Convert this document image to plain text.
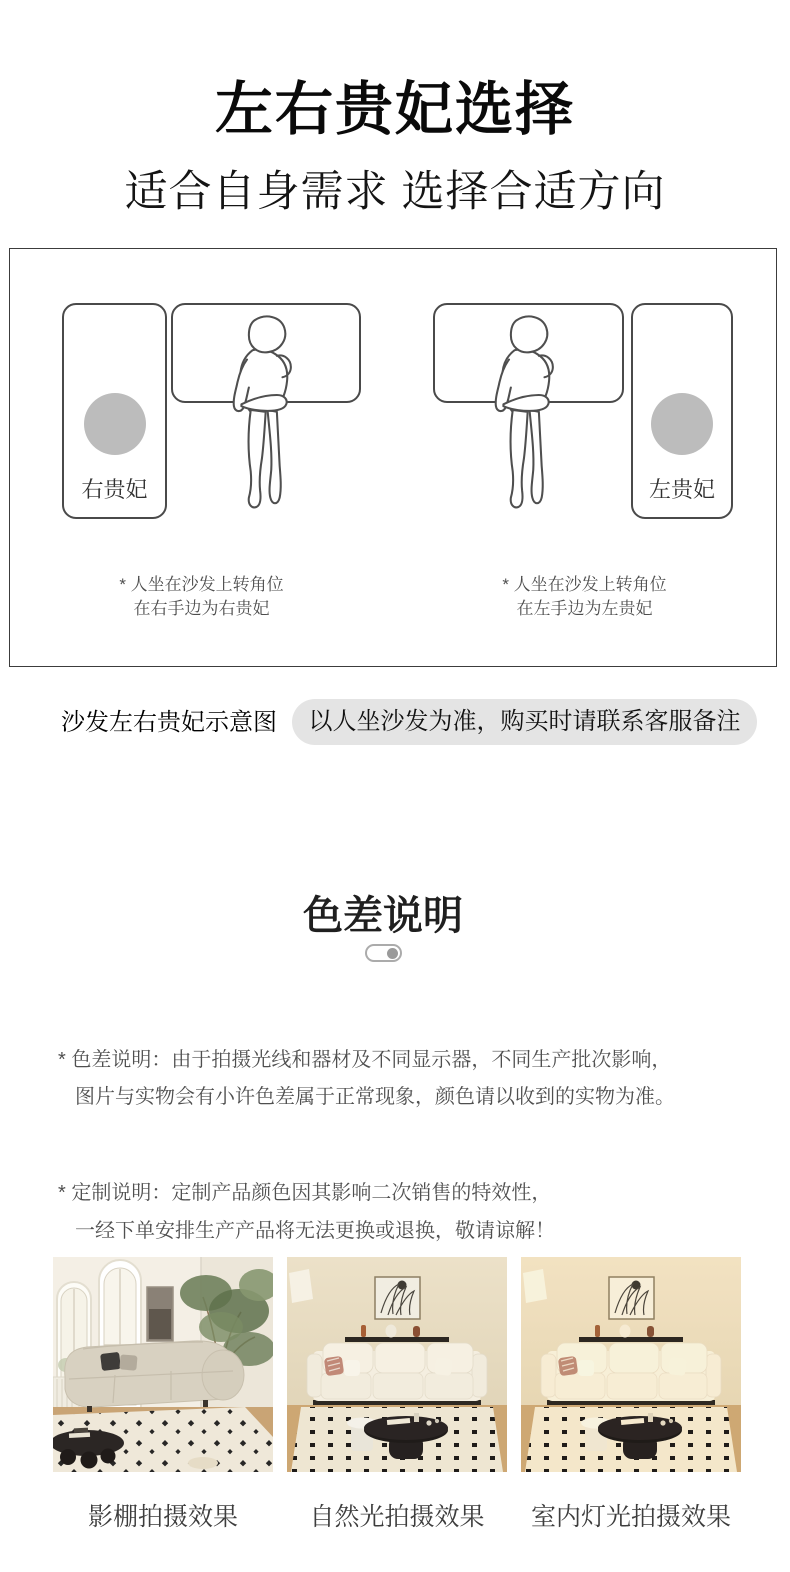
左右贵妃选择
适合自身需求 选择合适方向
右贵妃
* 人坐在沙发上转角位
在右手边为右贵妃
左贵妃
* 人坐在沙发上转角位
在左手边为左贵妃
沙发左右贵妃示意图	以人坐沙发为准，购买时请联系客服备注
色差说明
* 色差说明：由于拍摄光线和器材及不同显示器，不同生产批次影响，
图片与实物会有小许色差属于正常现象，颜色请以收到的实物为准。
* 定制说明：定制产品颜色因其影响二次销售的特效性，
一经下单安排生产产品将无法更换或退换，敬请谅解！
影棚拍摄效果	自然光拍摄效果	室内灯光拍摄效果
